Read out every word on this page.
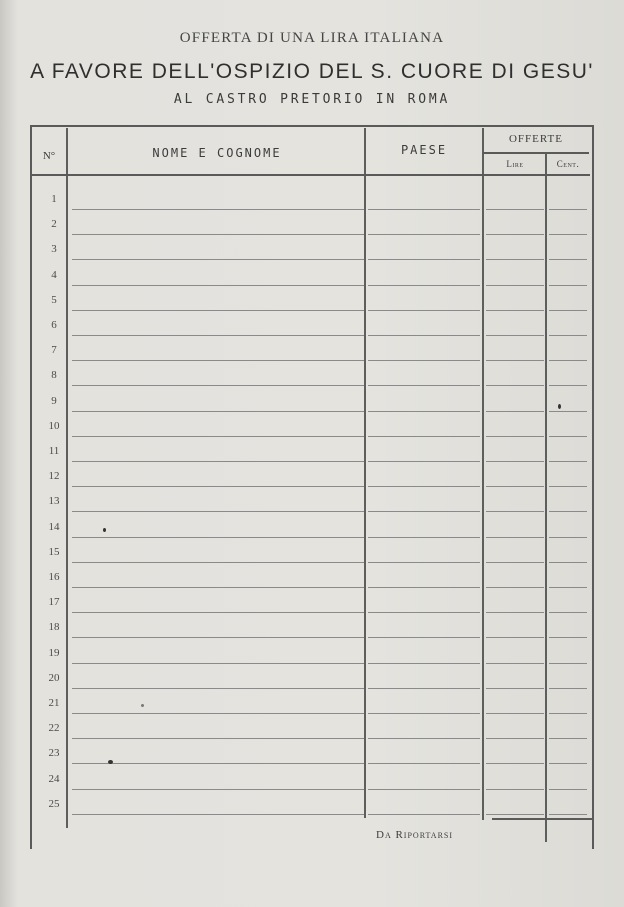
OFFERTA DI UNA LIRA ITALIANA
A FAVORE DELL'OSPIZIO DEL S. CUORE DI GESU'
AL CASTRO PRETORIO IN ROMA
N°	NOME E COGNOME	PAESE
OFFERTE
Lire	Cent.
1
2
3
4
5
6
7
8
9
10
11
12
13
14
15
16
17
18
19
20
21
22
23
24
25
Da Riportarsi
